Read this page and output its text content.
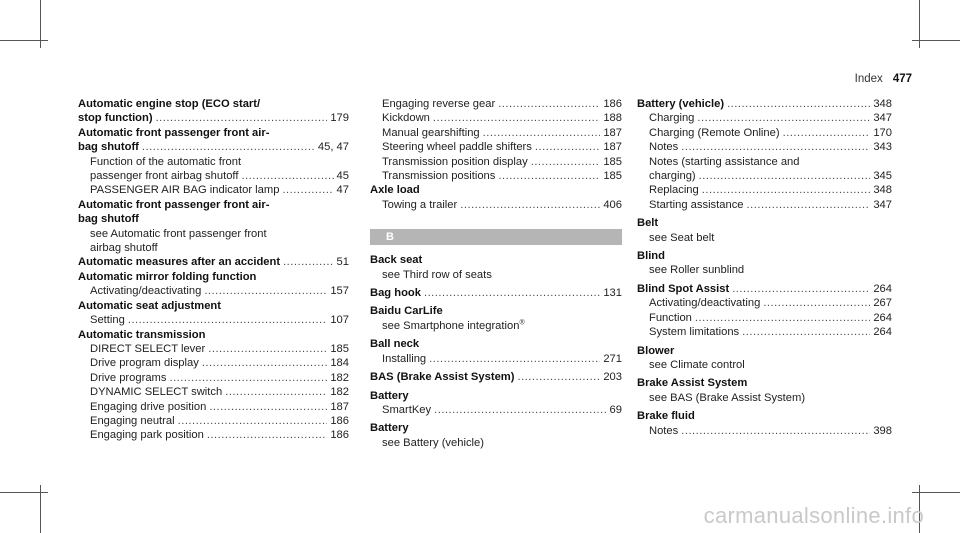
Index 477
Automatic engine stop (ECO start/
stop function) .....	179
Automatic front passenger front air-
bag shutoff .....	45, 47
Function of the automatic front
passenger front airbag shutoff .....	45
PASSENGER AIR BAG indicator lamp .....	47
Automatic front passenger front air-
bag shutoff
see Automatic front passenger front
airbag shutoff
Automatic measures after an accident .....	51
Automatic mirror folding function
Activating/deactivating .....	157
Automatic seat adjustment
Setting .....	107
Automatic transmission
DIRECT SELECT lever .....	185
Drive program display .....	184
Drive programs .....	182
DYNAMIC SELECT switch .....	182
Engaging drive position .....	187
Engaging neutral .....	186
Engaging park position .....	186
Engaging reverse gear .....	186
Kickdown .....	188
Manual gearshifting .....	187
Steering wheel paddle shifters .....	187
Transmission position display .....	185
Transmission positions .....	185
Axle load
Towing a trailer .....	406
B
Back seat
see Third row of seats
Bag hook .....	131
Baidu CarLife
see Smartphone integration®
Ball neck
Installing .....	271
BAS (Brake Assist System) .....	203
Battery
SmartKey .....	69
Battery
see Battery (vehicle)
Battery (vehicle) .....	348
Charging .....	347
Charging (Remote Online) .....	170
Notes .....	343
Notes (starting assistance and
charging) .....	345
Replacing .....	348
Starting assistance .....	347
Belt
see Seat belt
Blind
see Roller sunblind
Blind Spot Assist .....	264
Activating/deactivating .....	267
Function .....	264
System limitations .....	264
Blower
see Climate control
Brake Assist System
see BAS (Brake Assist System)
Brake fluid
Notes .....	398
carmanualsonline.info
